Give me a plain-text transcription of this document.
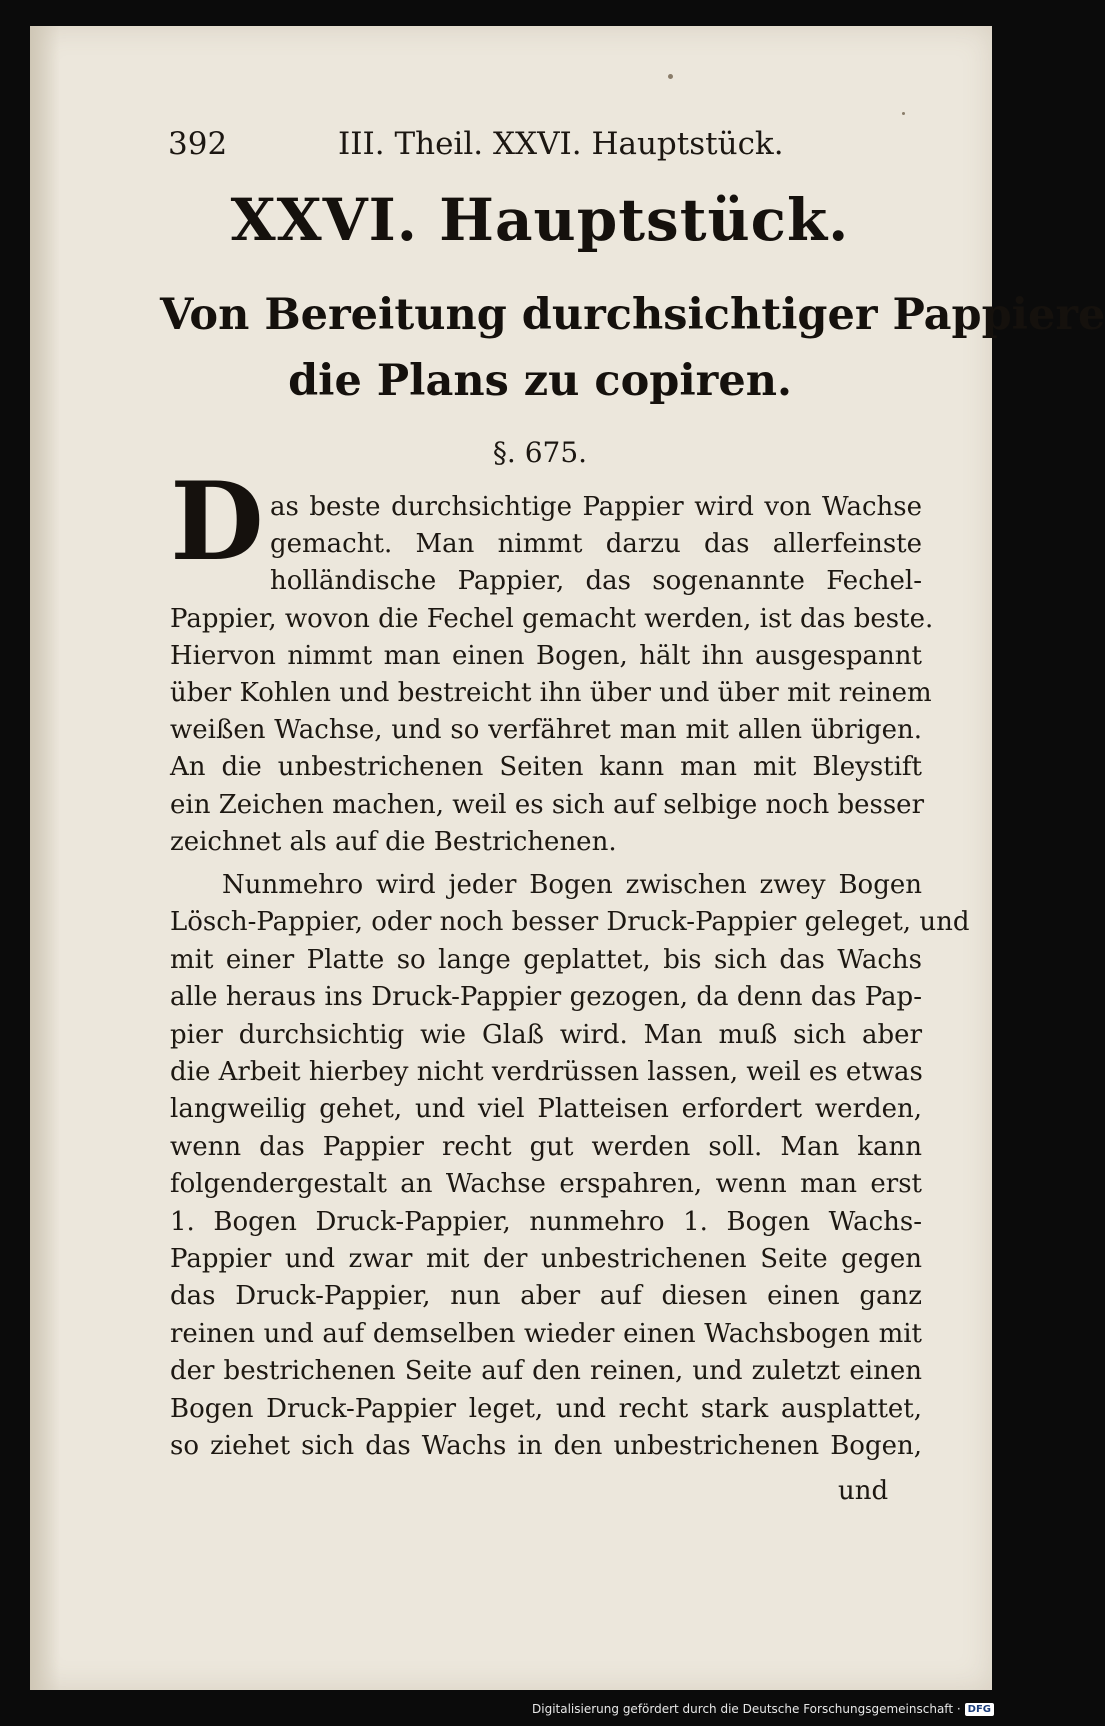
392	III. Theil. XXVI. Hauptstück.
XXVI. Hauptstück.
Von Bereitung durchsichtiger Pappiere
die Plans zu copiren.
§. 675.
D as beste durchsichtige Pappier wird von Wachse
gemacht. Man nimmt darzu das allerfeinste
holländische Pappier, das sogenannte Fechel-
Pappier, wovon die Fechel gemacht werden, ist das beste.
Hiervon nimmt man einen Bogen, hält ihn ausgespannt
über Kohlen und bestreicht ihn über und über mit reinem
weißen Wachse, und so verfähret man mit allen übrigen.
An die unbestrichenen Seiten kann man mit Bleystift
ein Zeichen machen, weil es sich auf selbige noch besser
zeichnet als auf die Bestrichenen.
Nunmehro wird jeder Bogen zwischen zwey Bogen
Lösch-Pappier, oder noch besser Druck-Pappier geleget, und
mit einer Platte so lange geplattet, bis sich das Wachs
alle heraus ins Druck-Pappier gezogen, da denn das Pap-
pier durchsichtig wie Glaß wird. Man muß sich aber
die Arbeit hierbey nicht verdrüssen lassen, weil es etwas
langweilig gehet, und viel Platteisen erfordert werden,
wenn das Pappier recht gut werden soll. Man kann
folgendergestalt an Wachse erspahren, wenn man erst
1. Bogen Druck-Pappier, nunmehro 1. Bogen Wachs-
Pappier und zwar mit der unbestrichenen Seite gegen
das Druck-Pappier, nun aber auf diesen einen ganz
reinen und auf demselben wieder einen Wachsbogen mit
der bestrichenen Seite auf den reinen, und zuletzt einen
Bogen Druck-Pappier leget, und recht stark ausplattet,
so ziehet sich das Wachs in den unbestrichenen Bogen,
und
Digitalisierung gefördert durch die Deutsche Forschungsgemeinschaft · DFG
